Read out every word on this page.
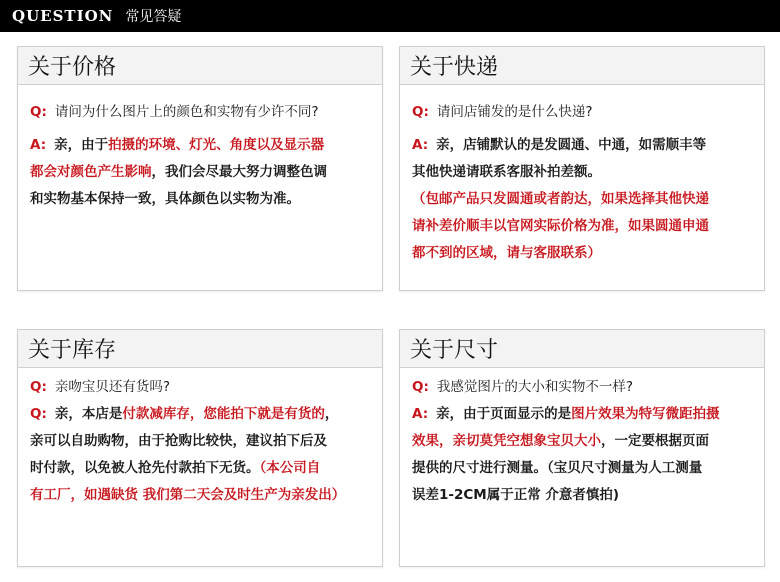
QUESTION 常见答疑
关于价格
Q: 请问为什么图片上的颜色和实物有少许不同?
A: 亲，由于拍摄的环境、灯光、角度以及显示器
都会对颜色产生影响，我们会尽最大努力调整色调
和实物基本保持一致，具体颜色以实物为准。
关于快递
Q: 请问店铺发的是什么快递?
A: 亲，店铺默认的是发圆通、中通，如需顺丰等
其他快递请联系客服补拍差额。
（包邮产品只发圆通或者韵达，如果选择其他快递
请补差价顺丰以官网实际价格为准，如果圆通申通
都不到的区域，请与客服联系）
关于库存
Q: 亲吻宝贝还有货吗?
Q: 亲，本店是付款减库存，您能拍下就是有货的，
亲可以自助购物，由于抢购比较快，建议拍下后及
时付款，以免被人抢先付款拍下无货。（本公司自
有工厂，如遇缺货 我们第二天会及时生产为亲发出）
关于尺寸
Q: 我感觉图片的大小和实物不一样?
A: 亲，由于页面显示的是图片效果为特写微距拍摄
效果，亲切莫凭空想象宝贝大小，一定要根据页面
提供的尺寸进行测量。（宝贝尺寸测量为人工测量
误差1-2CM属于正常 介意者慎拍)
